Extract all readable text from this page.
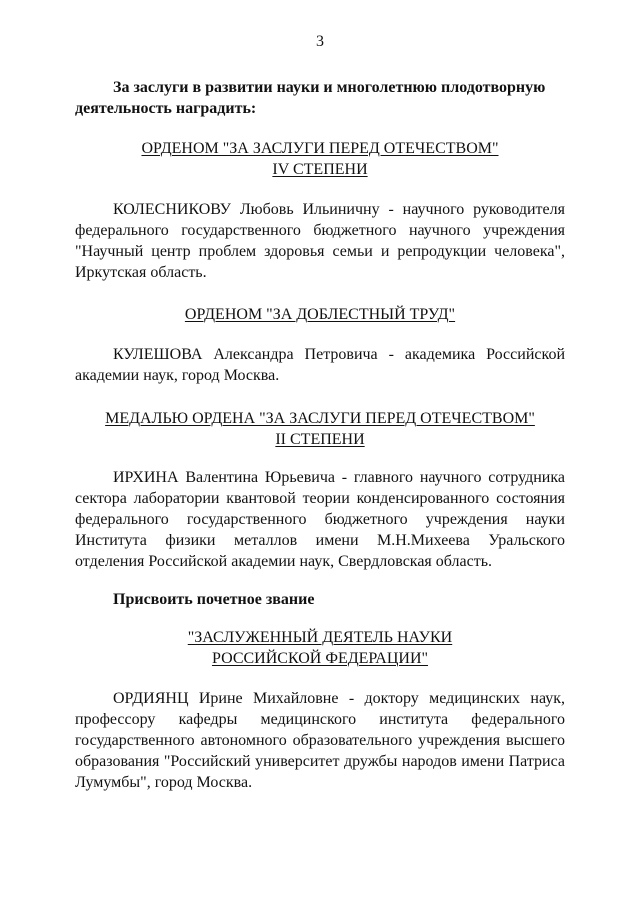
3
За заслуги в развитии науки и многолетнюю плодотворную
деятельность наградить:
ОРДЕНОМ "ЗА ЗАСЛУГИ ПЕРЕД ОТЕЧЕСТВОМ"
IV СТЕПЕНИ
КОЛЕСНИКОВУ Любовь Ильиничну - научного руководителя федерального государственного бюджетного научного учреждения "Научный центр проблем здоровья семьи и репродукции человека", Иркутская область.
ОРДЕНОМ "ЗА ДОБЛЕСТНЫЙ ТРУД"
КУЛЕШОВА Александра Петровича - академика Российской академии наук, город Москва.
МЕДАЛЬЮ ОРДЕНА "ЗА ЗАСЛУГИ ПЕРЕД ОТЕЧЕСТВОМ"
II СТЕПЕНИ
ИРХИНА Валентина Юрьевича - главного научного сотрудника сектора лаборатории квантовой теории конденсированного состояния федерального государственного бюджетного учреждения науки Института физики металлов имени М.Н.Михеева Уральского отделения Российской академии наук, Свердловская область.
Присвоить почетное звание
"ЗАСЛУЖЕННЫЙ ДЕЯТЕЛЬ НАУКИ
РОССИЙСКОЙ ФЕДЕРАЦИИ"
ОРДИЯНЦ Ирине Михайловне - доктору медицинских наук, профессору кафедры медицинского института федерального государственного автономного образовательного учреждения высшего образования "Российский университет дружбы народов имени Патриса Лумумбы", город Москва.
